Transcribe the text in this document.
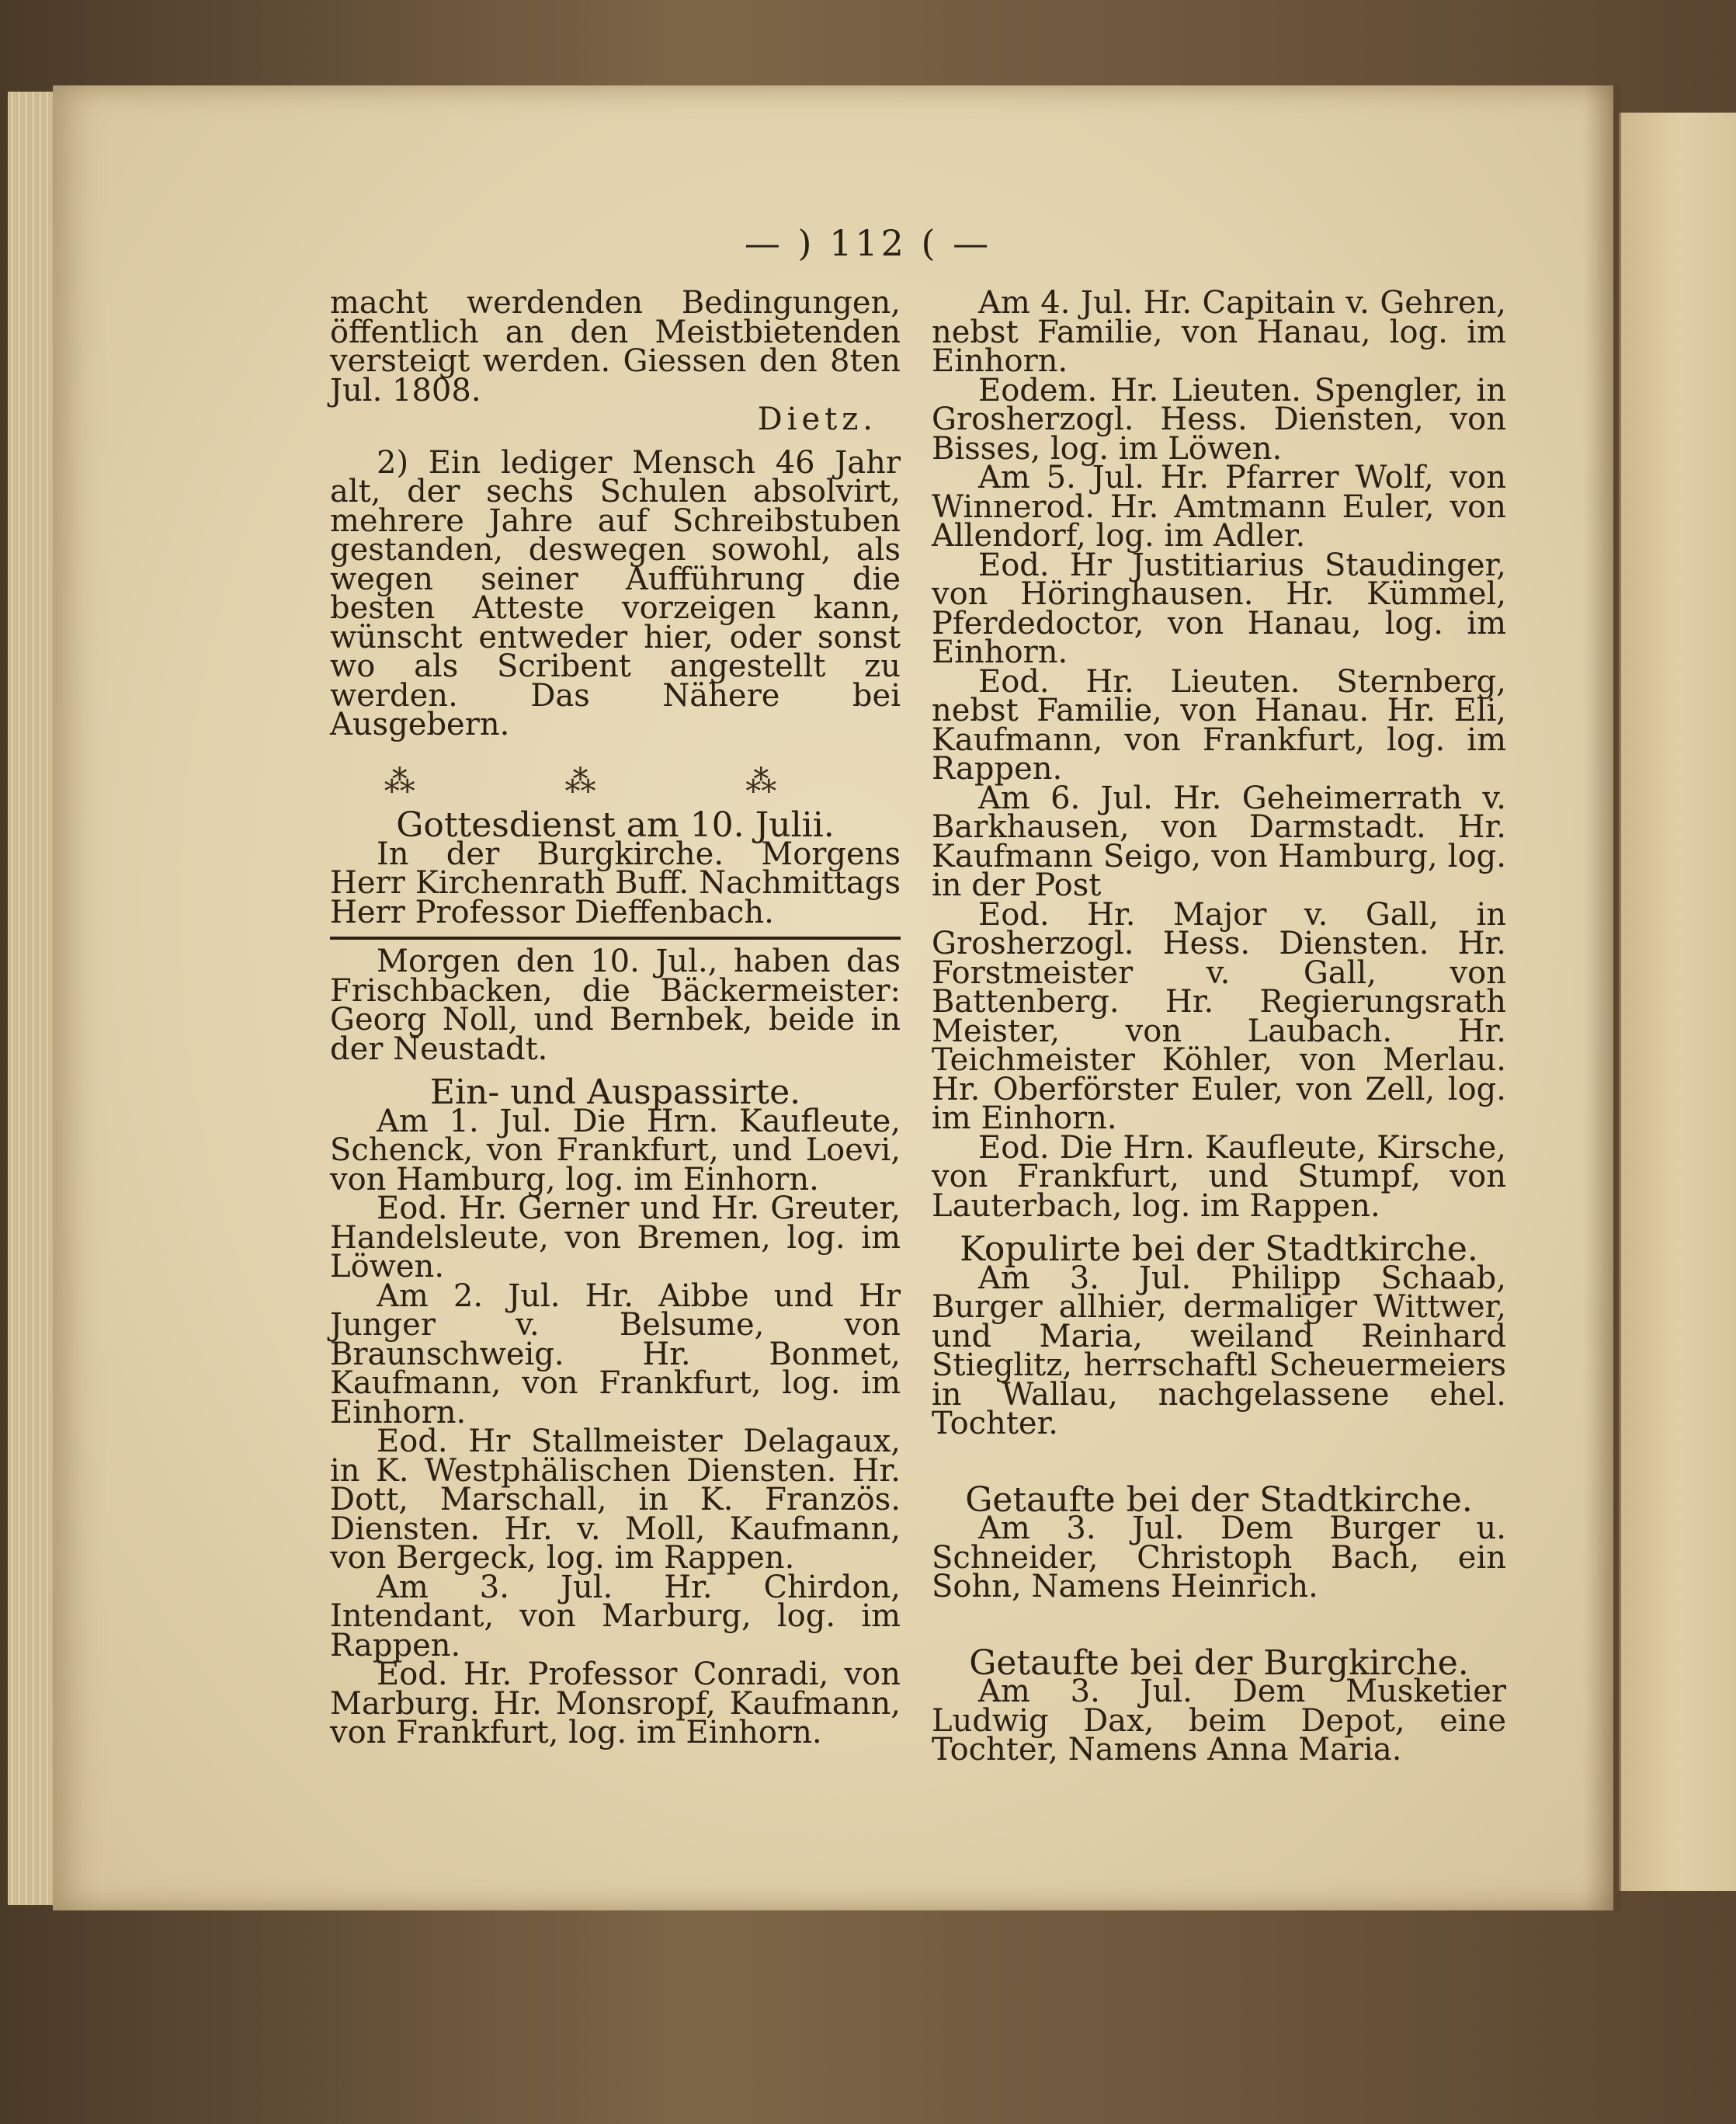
— ) 112 ( —

macht werdenden Bedingungen, öffentlich an den Meistbietenden versteigt werden. Giessen den 8ten Jul. 1808.

Dietz.

2) Ein lediger Mensch 46 Jahr alt, der sechs Schulen absolvirt, mehrere Jahre auf Schreibstuben gestanden, deswegen sowohl, als wegen seiner Aufführung die besten Atteste vorzeigen kann, wünscht entweder hier, oder sonst wo als Scribent angestellt zu werden. Das Nähere bei Ausgebern.

⁂ ⁂ ⁂

Gottesdienst am 10. Julii.

In der Burgkirche. Morgens Herr Kirchenrath Buff. Nachmittags Herr Professor Dieffenbach.

Morgen den 10. Jul., haben das Frischbacken, die Bäckermeister: Georg Noll, und Bernbek, beide in der Neustadt.

Ein- und Auspassirte.

Am 1. Jul. Die Hrn. Kaufleute, Schenck, von Frankfurt, und Loevi, von Hamburg, log. im Einhorn.

Eod. Hr. Gerner und Hr. Greuter, Handelsleute, von Bremen, log. im Löwen.

Am 2. Jul. Hr. Aibbe und Hr Junger v. Belsume, von Braunschweig. Hr. Bonmet, Kaufmann, von Frankfurt, log. im Einhorn.

Eod. Hr Stallmeister Delagaux, in K. Westphälischen Diensten. Hr. Dott, Marschall, in K. Französ. Diensten. Hr. v. Moll, Kaufmann, von Bergeck, log. im Rappen.

Am 3. Jul. Hr. Chirdon, Intendant, von Marburg, log. im Rappen.

Eod. Hr. Professor Conradi, von Marburg. Hr. Monsropf, Kaufmann, von Frankfurt, log. im Einhorn.

Am 4. Jul. Hr. Capitain v. Gehren, nebst Familie, von Hanau, log. im Einhorn.

Eodem. Hr. Lieuten. Spengler, in Grosherzogl. Hess. Diensten, von Bisses, log. im Löwen.

Am 5. Jul. Hr. Pfarrer Wolf, von Winnerod. Hr. Amtmann Euler, von Allendorf, log. im Adler.

Eod. Hr Justitiarius Staudinger, von Höringhausen. Hr. Kümmel, Pferdedoctor, von Hanau, log. im Einhorn.

Eod. Hr. Lieuten. Sternberg, nebst Familie, von Hanau. Hr. Eli, Kaufmann, von Frankfurt, log. im Rappen.

Am 6. Jul. Hr. Geheimerrath v. Barkhausen, von Darmstadt. Hr. Kaufmann Seigo, von Hamburg, log. in der Post

Eod. Hr. Major v. Gall, in Grosherzogl. Hess. Diensten. Hr. Forstmeister v. Gall, von Battenberg. Hr. Regierungsrath Meister, von Laubach. Hr. Teichmeister Köhler, von Merlau. Hr. Oberförster Euler, von Zell, log. im Einhorn.

Eod. Die Hrn. Kaufleute, Kirsche, von Frankfurt, und Stumpf, von Lauterbach, log. im Rappen.

Kopulirte bei der Stadtkirche.

Am 3. Jul. Philipp Schaab, Burger allhier, dermaliger Wittwer, und Maria, weiland Reinhard Stieglitz, herrschaftl Scheuermeiers in Wallau, nachgelassene ehel. Tochter.

Getaufte bei der Stadtkirche.

Am 3. Jul. Dem Burger u. Schneider, Christoph Bach, ein Sohn, Namens Heinrich.

Getaufte bei der Burgkirche.

Am 3. Jul. Dem Musketier Ludwig Dax, beim Depot, eine Tochter, Namens Anna Maria.
